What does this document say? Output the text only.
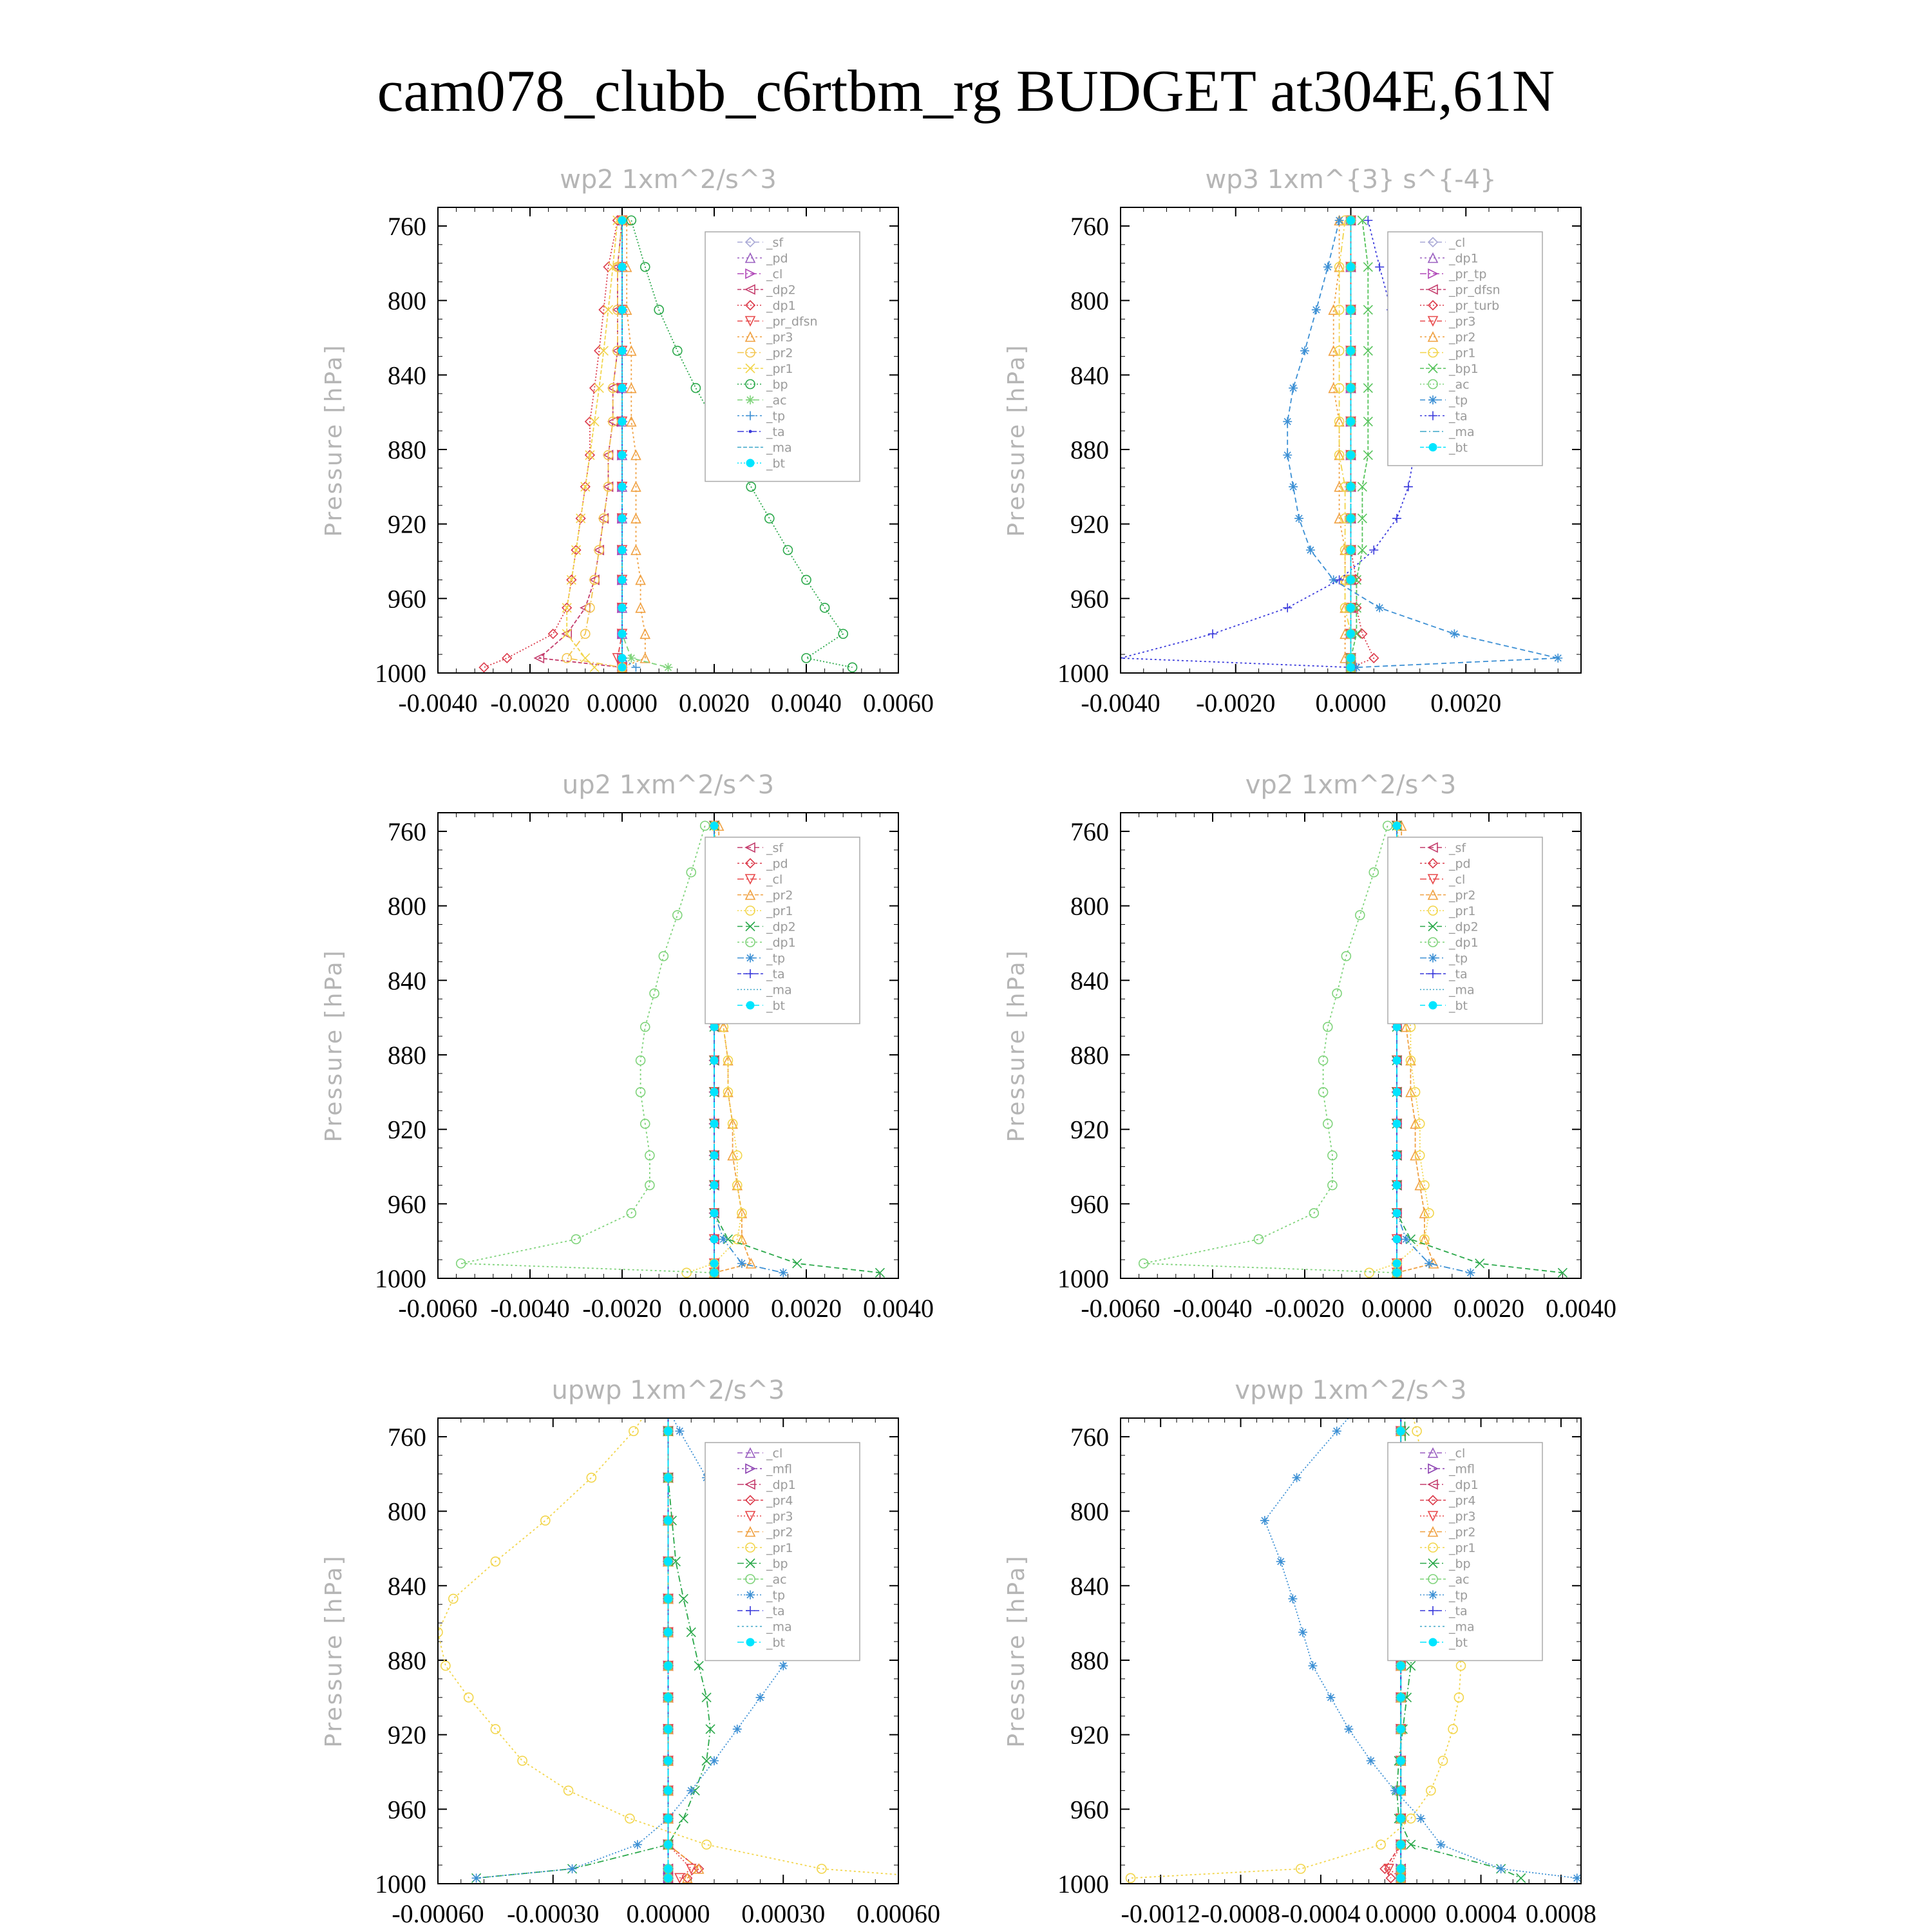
cam078_clubb_c6rtbm_rg BUDGET at304E,61N
wp2 1xm^2/s^3
Pressure [hPa]
760
800
840
880
920
960
1000
-0.0040 -0.0020 0.0000 0.0020 0.0040 0.0060
_sf
_pd
_cl
_dp2
_dp1
_pr_dfsn
_pr3
_pr2
_pr1
_bp
_ac
_tp
_ta
_ma
_bt
wp3 1xm^{3} s^{-4}
Pressure [hPa]
760
800
840
880
920
960
1000
-0.0040 -0.0020 0.0000 0.0020
_cl
_dp1
_pr_tp
_pr_dfsn
_pr_turb
_pr3
_pr2
_pr1
_bp1
_ac
_tp
_ta
_ma
_bt
up2 1xm^2/s^3
Pressure [hPa]
760
800
840
880
920
960
1000
-0.0060 -0.0040 -0.0020 0.0000 0.0020 0.0040
_sf
_pd
_cl
_pr2
_pr1
_dp2
_dp1
_tp
_ta
_ma
_bt
vp2 1xm^2/s^3
Pressure [hPa]
760
800
840
880
920
960
1000
-0.0060 -0.0040 -0.0020 0.0000 0.0020 0.0040
_sf
_pd
_cl
_pr2
_pr1
_dp2
_dp1
_tp
_ta
_ma
_bt
upwp 1xm^2/s^3
Pressure [hPa]
760
800
840
880
920
960
1000
-0.00060 -0.00030 0.00000 0.00030 0.00060
_cl
_mfl
_dp1
_pr4
_pr3
_pr2
_pr1
_bp
_ac
_tp
_ta
_ma
_bt
vpwp 1xm^2/s^3
Pressure [hPa]
760
800
840
880
920
960
1000
-0.0012 -0.0008 -0.0004 0.0000 0.0004 0.0008
_cl
_mfl
_dp1
_pr4
_pr3
_pr2
_pr1
_bp
_ac
_tp
_ta
_ma
_bt
